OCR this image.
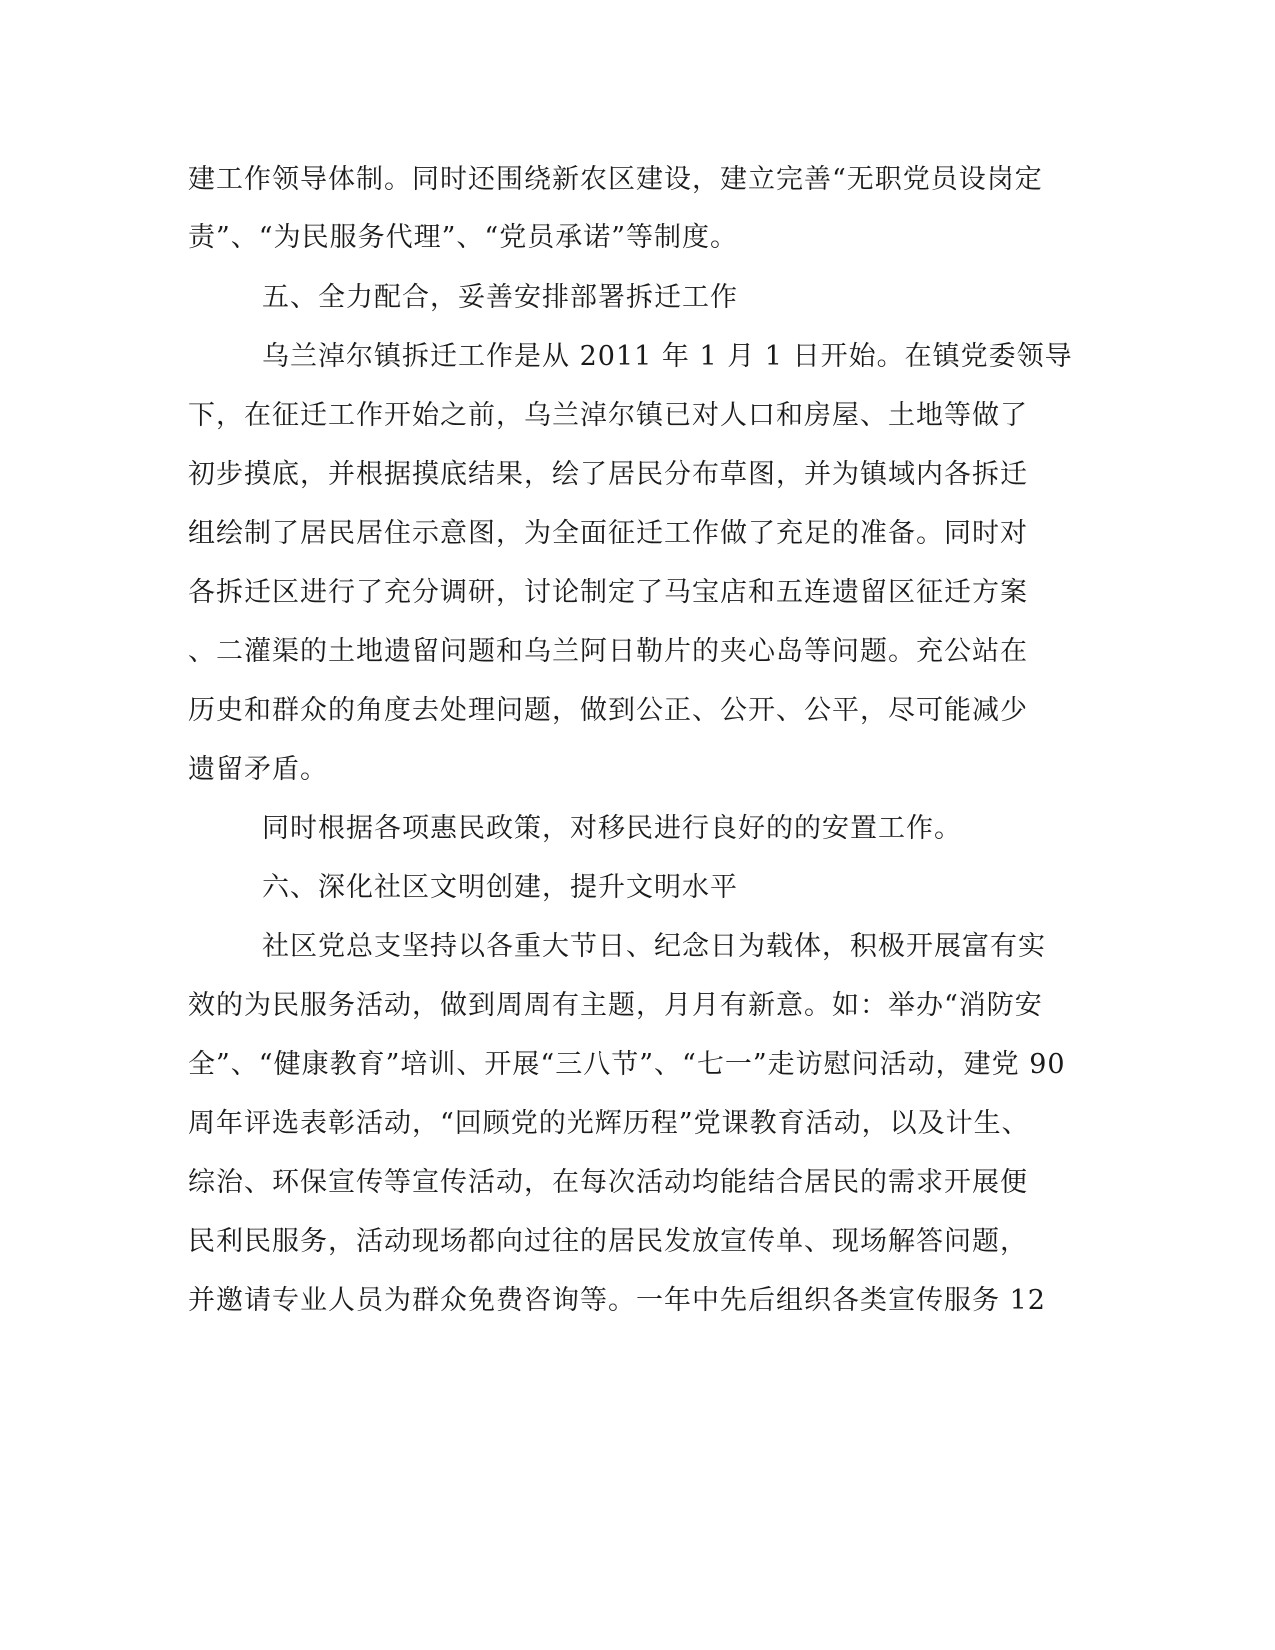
建工作领导体制。同时还围绕新农区建设，建立完善“无职党员设岗定
责”、“为民服务代理”、“党员承诺”等制度。
五、全力配合，妥善安排部署拆迁工作
乌兰淖尔镇拆迁工作是从 2011 年 1 月 1 日开始。在镇党委领导
下，在征迁工作开始之前，乌兰淖尔镇已对人口和房屋、土地等做了
初步摸底，并根据摸底结果，绘了居民分布草图，并为镇域内各拆迁
组绘制了居民居住示意图，为全面征迁工作做了充足的准备。同时对
各拆迁区进行了充分调研，讨论制定了马宝店和五连遗留区征迁方案
、二灌渠的土地遗留问题和乌兰阿日勒片的夹心岛等问题。充公站在
历史和群众的角度去处理问题，做到公正、公开、公平，尽可能减少
遗留矛盾。
同时根据各项惠民政策，对移民进行良好的的安置工作。
六、深化社区文明创建，提升文明水平
社区党总支坚持以各重大节日、纪念日为载体，积极开展富有实
效的为民服务活动，做到周周有主题，月月有新意。如：举办“消防安
全”、“健康教育”培训、开展“三八节”、“七一”走访慰问活动，建党 90
周年评选表彰活动，“回顾党的光辉历程”党课教育活动，以及计生、
综治、环保宣传等宣传活动，在每次活动均能结合居民的需求开展便
民利民服务，活动现场都向过往的居民发放宣传单、现场解答问题，
并邀请专业人员为群众免费咨询等。一年中先后组织各类宣传服务 12
